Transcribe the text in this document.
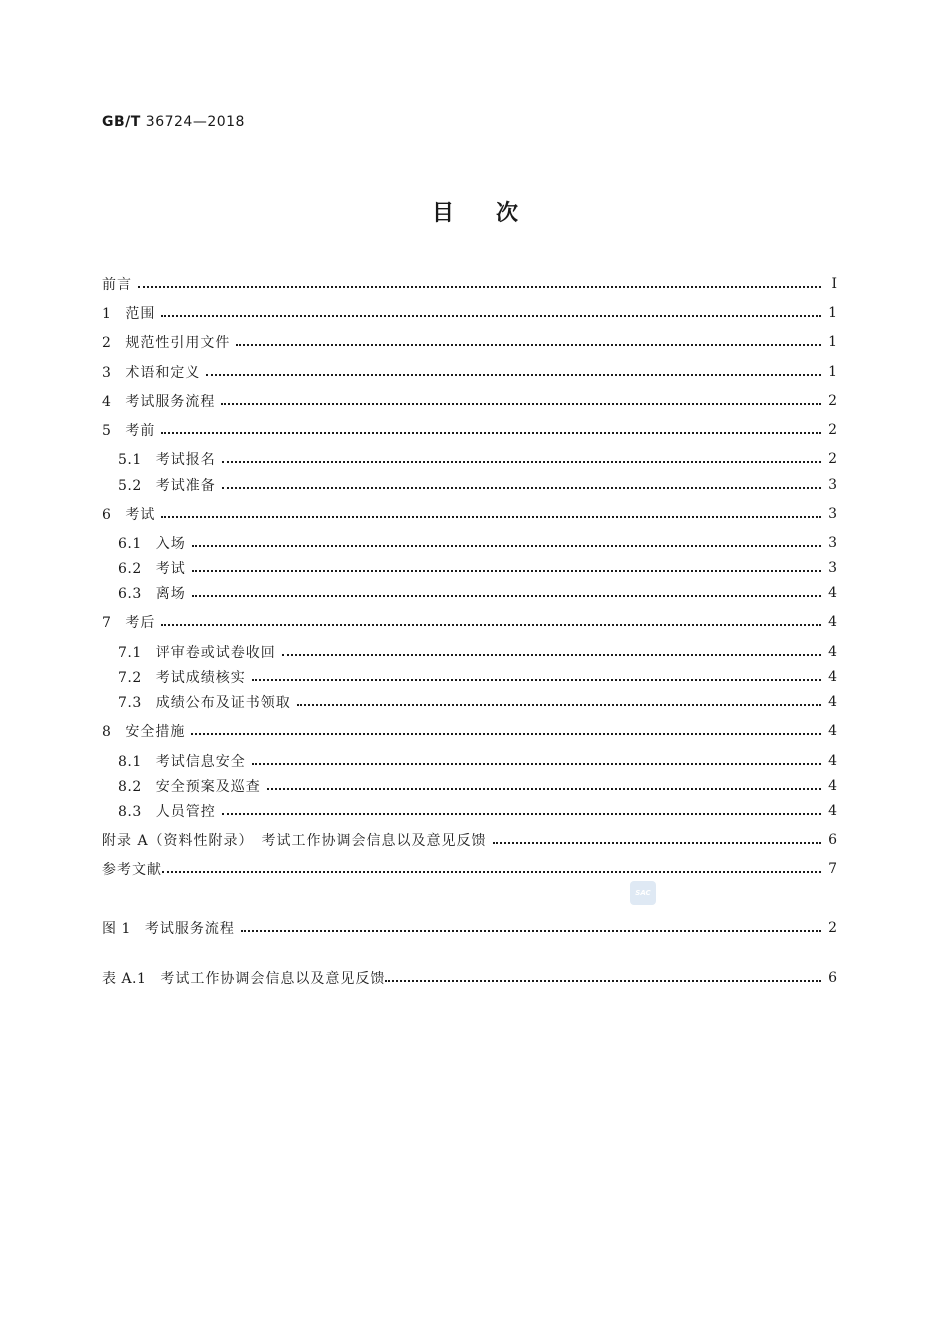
GB/T 36724—2018
目次
前言	Ⅰ
1 范围	1
2 规范性引用文件	1
3 术语和定义	1
4 考试服务流程	2
5 考前	2
5.1 考试报名	2
5.2 考试准备	3
6 考试	3
6.1 入场	3
6.2 考试	3
6.3 离场	4
7 考后	4
7.1 评审卷或试卷收回	4
7.2 考试成绩核实	4
7.3 成绩公布及证书领取	4
8 安全措施	4
8.1 考试信息安全	4
8.2 安全预案及巡查	4
8.3 人员管控	4
附录 A（资料性附录）　考试工作协调会信息以及意见反馈	6
参考文献	7
图 1 考试服务流程	2
表 A.1 考试工作协调会信息以及意见反馈	6
SAC
